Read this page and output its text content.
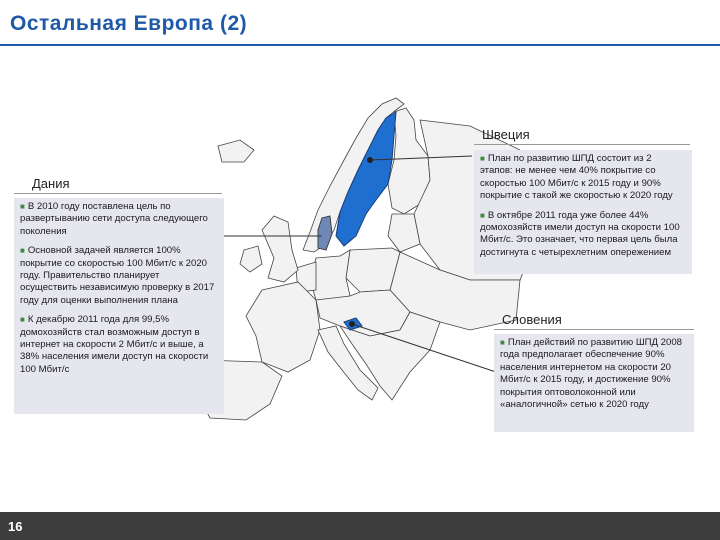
Остальная Европа (2)
Швеция

■ План по развитию ШПД состоит из 2 этапов: не менее чем 40% покрытие со скоростью 100 Мбит/с к 2015 году и 90% покрытие с такой же скоростью к 2020 году

■ В октябре 2011 года уже более 44% домохозяйств имели доступ на скорости 100 Мбит/с. Это означает, что первая цель была достигнута с четырехлетним опережением

Дания

■ В 2010 году поставлена цель по развертыванию сети доступа следующего поколения

■ Основной задачей является 100% покрытие со скоростью 100 Мбит/с к 2020 году. Правительство планирует осуществить независимую проверку в 2017 году для оценки выполнения плана

■ К декабрю 2011 года для 99,5% домохозяйств стал возможным доступ в интернет на скорости 2 Мбит/с и выше, а 38% населения имели доступ на скорости 100 Мбит/с

Словения

■ План действий по развитию ШПД 2008 года предполагает обеспечение 90% населения интернетом на скорости 20 Мбит/с к 2015 году, и достижение 90% покрытия оптоволоконной или «аналогичной» сетью к 2020 году

16
